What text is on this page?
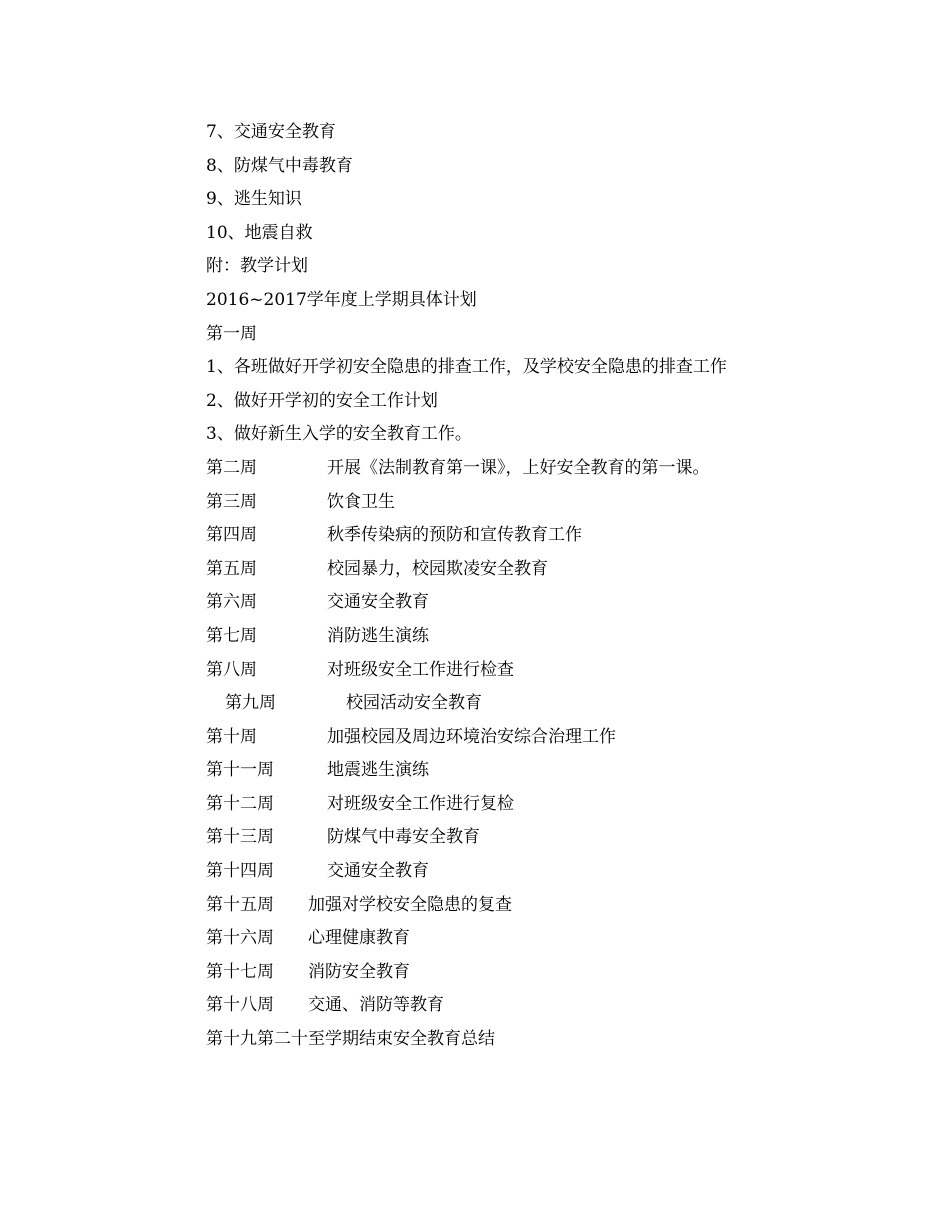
7、交通安全教育
8、防煤气中毒教育
9、逃生知识
10、地震自救
附：教学计划
2016~2017学年度上学期具体计划
第一周
1、各班做好开学初安全隐患的排查工作，及学校安全隐患的排查工作
2、做好开学初的安全工作计划
3、做好新生入学的安全教育工作。
第二周	开展《法制教育第一课》，上好安全教育的第一课。
第三周	饮食卫生
第四周	秋季传染病的预防和宣传教育工作
第五周	校园暴力，校园欺凌安全教育
第六周	交通安全教育
第七周	消防逃生演练
第八周	对班级安全工作进行检查
第九周	校园活动安全教育
第十周	加强校园及周边环境治安综合治理工作
第十一周	地震逃生演练
第十二周	对班级安全工作进行复检
第十三周	防煤气中毒安全教育
第十四周	交通安全教育
第十五周	加强对学校安全隐患的复查
第十六周	心理健康教育
第十七周	消防安全教育
第十八周	交通、消防等教育
第十九第二十至学期结束安全教育总结
